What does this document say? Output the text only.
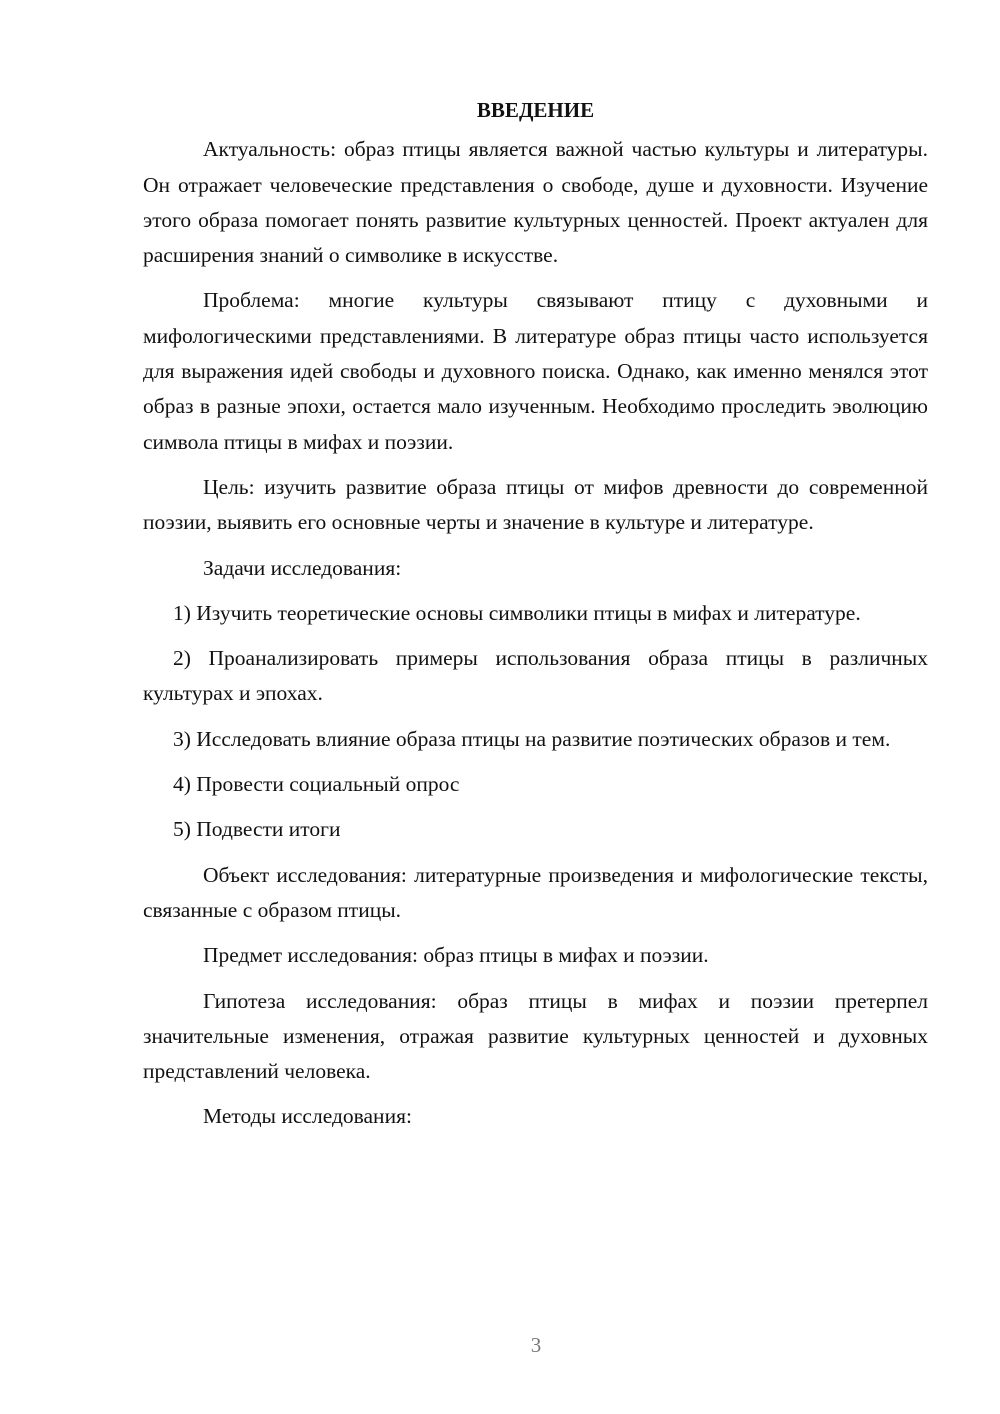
ВВЕДЕНИЕ

Актуальность: образ птицы является важной частью культуры и литературы. Он отражает человеческие представления о свободе, душе и духовности. Изучение этого образа помогает понять развитие культурных ценностей. Проект актуален для расширения знаний о символике в искусстве.

Проблема: многие культуры связывают птицу с духовными и мифологическими представлениями. В литературе образ птицы часто используется для выражения идей свободы и духовного поиска. Однако, как именно менялся этот образ в разные эпохи, остается мало изученным. Необходимо проследить эволюцию символа птицы в мифах и поэзии.

Цель: изучить развитие образа птицы от мифов древности до современной поэзии, выявить его основные черты и значение в культуре и литературе.

Задачи исследования:

1) Изучить теоретические основы символики птицы в мифах и литературе.

2) Проанализировать примеры использования образа птицы в различных культурах и эпохах.

3) Исследовать влияние образа птицы на развитие поэтических образов и тем.

4) Провести социальный опрос

5) Подвести итоги

Объект исследования: литературные произведения и мифологические тексты, связанные с образом птицы.

Предмет исследования: образ птицы в мифах и поэзии.

Гипотеза исследования: образ птицы в мифах и поэзии претерпел значительные изменения, отражая развитие культурных ценностей и духовных представлений человека.

Методы исследования:

3
